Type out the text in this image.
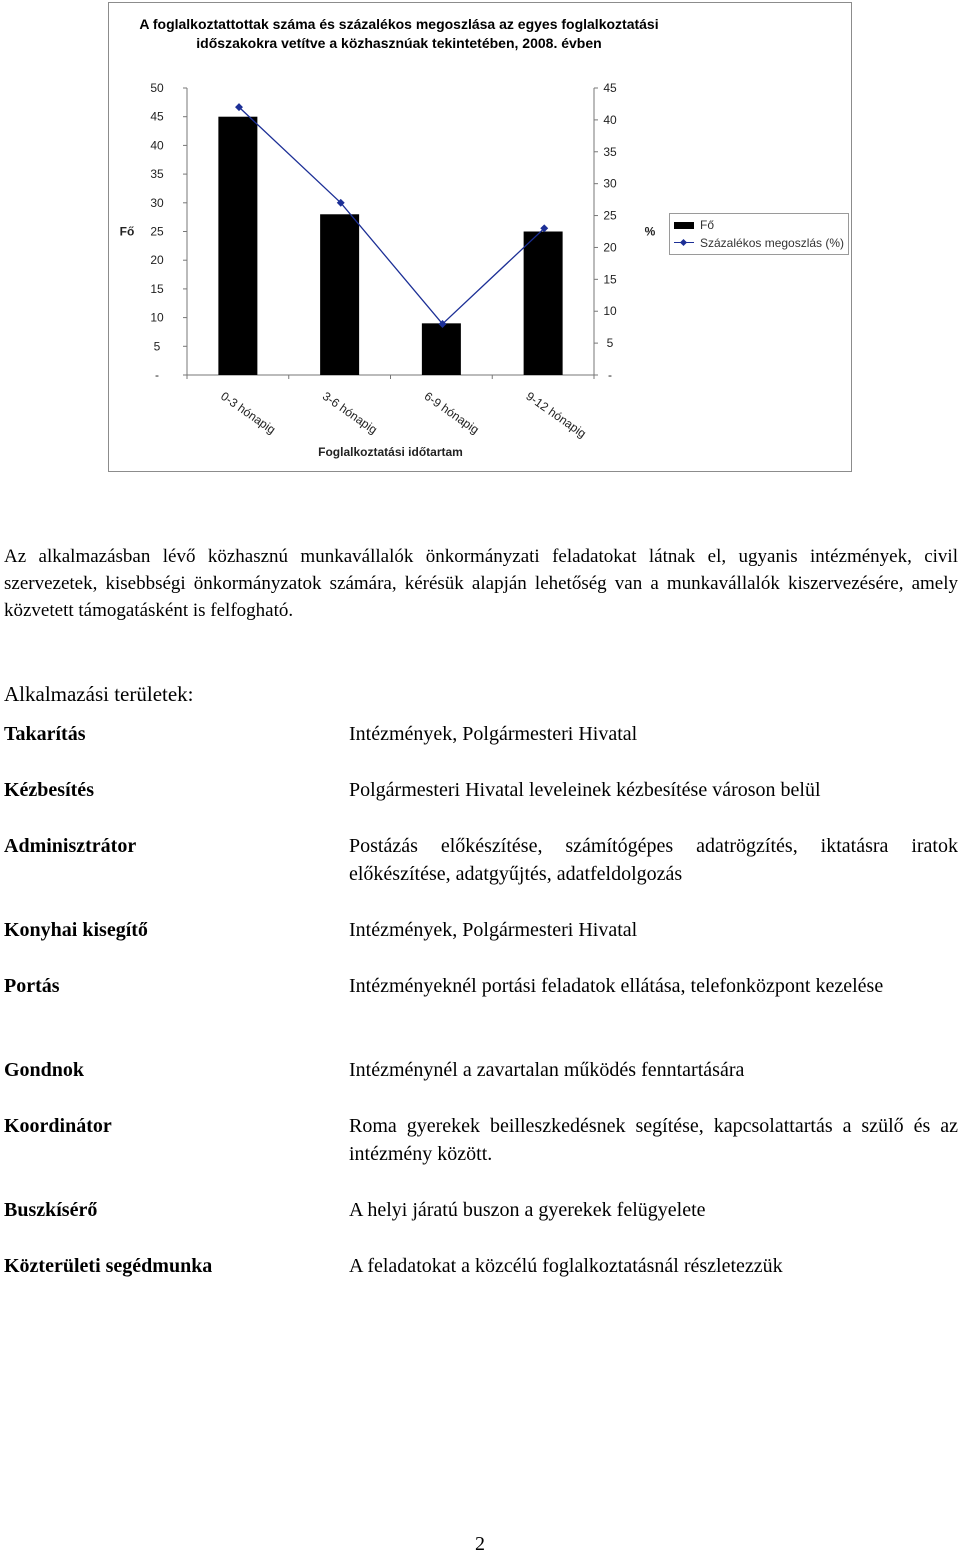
-
5
10
15
20
25
30
35
40
45
50
-
5
10
15
20
25
30
35
40
45
Fő	%
0-3 hónapig	3-6 hónapig	6-9 hónapig	9-12 hónapig
Foglalkoztatási időtartam
A foglalkoztattottak száma és százalékos megoszlása az egyes foglalkoztatási
időszakokra vetítve a közhasznúak tekintetében, 2008. évben
Fő
Százalékos megoszlás (%)
Az alkalmazásban lévő közhasznú munkavállalók önkormányzati feladatokat látnak el, ugyanis intézmények, civil szervezetek, kisebbségi önkormányzatok számára, kérésük alapján lehetőség van a munkavállalók kiszervezésére, amely közvetett támogatásként is felfogható.
Alkalmazási területek:
Takarítás	Intézmények, Polgármesteri Hivatal
Kézbesítés	Polgármesteri Hivatal leveleinek kézbesítése városon belül
Adminisztrátor	Postázás előkészítése, számítógépes adatrögzítés, iktatásra iratok előkészítése, adatgyűjtés, adatfeldolgozás
Konyhai kisegítő	Intézmények, Polgármesteri Hivatal
Portás	Intézményeknél portási feladatok ellátása, telefonközpont kezelése
Gondnok	Intézménynél a zavartalan működés fenntartására
Koordinátor	Roma gyerekek beilleszkedésnek segítése, kapcsolattartás a szülő és az intézmény között.
Buszkísérő	A helyi járatú buszon a gyerekek felügyelete
Közterületi segédmunka	A feladatokat a közcélú foglalkoztatásnál részletezzük
2
